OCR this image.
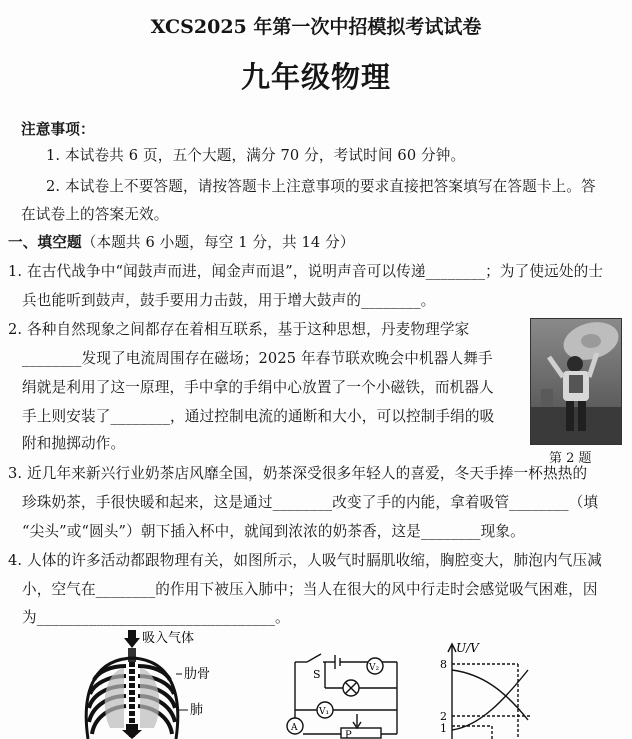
XCS2025 年第一次中招模拟考试试卷
九年级物理

注意事项：

1. 本试卷共 6 页，五个大题，满分 70 分，考试时间 60 分钟。

2. 本试卷上不要答题，请按答题卡上注意事项的要求直接把答案填写在答题卡上。答

在试卷上的答案无效。

一、填空题（本题共 6 小题，每空 1 分，共 14 分）

1. 在古代战争中“闻鼓声而进，闻金声而退”，说明声音可以传递________；为了使远处的士

兵也能听到鼓声，鼓手要用力击鼓，用于增大鼓声的________。

2. 各种自然现象之间都存在着相互联系，基于这种思想，丹麦物理学家

________发现了电流周围存在磁场；2025 年春节联欢晚会中机器人舞手

绢就是利用了这一原理，手中拿的手绢中心放置了一个小磁铁，而机器人

手上则安装了________，通过控制电流的通断和大小，可以控制手绢的吸

附和抛掷动作。

第 2 题

3. 近几年来新兴行业奶茶店风靡全国，奶茶深受很多年轻人的喜爱，冬天手捧一杯热热的

珍珠奶茶，手很快暖和起来，这是通过________改变了手的内能，拿着吸管________（填

“尖头”或“圆头”）朝下插入杯中，就闻到浓浓的奶茶香，这是________现象。

4. 人体的许多活动都跟物理有关，如图所示，人吸气时膈肌收缩，胸腔变大，肺泡内气压减

小，空气在________的作用下被压入肺中；当人在很大的风中行走时会感觉吸气困难，因

为________________________________。

吸入气体
肋骨
肺
S	V₂
V₁
A
P
U/V
8
2
1
